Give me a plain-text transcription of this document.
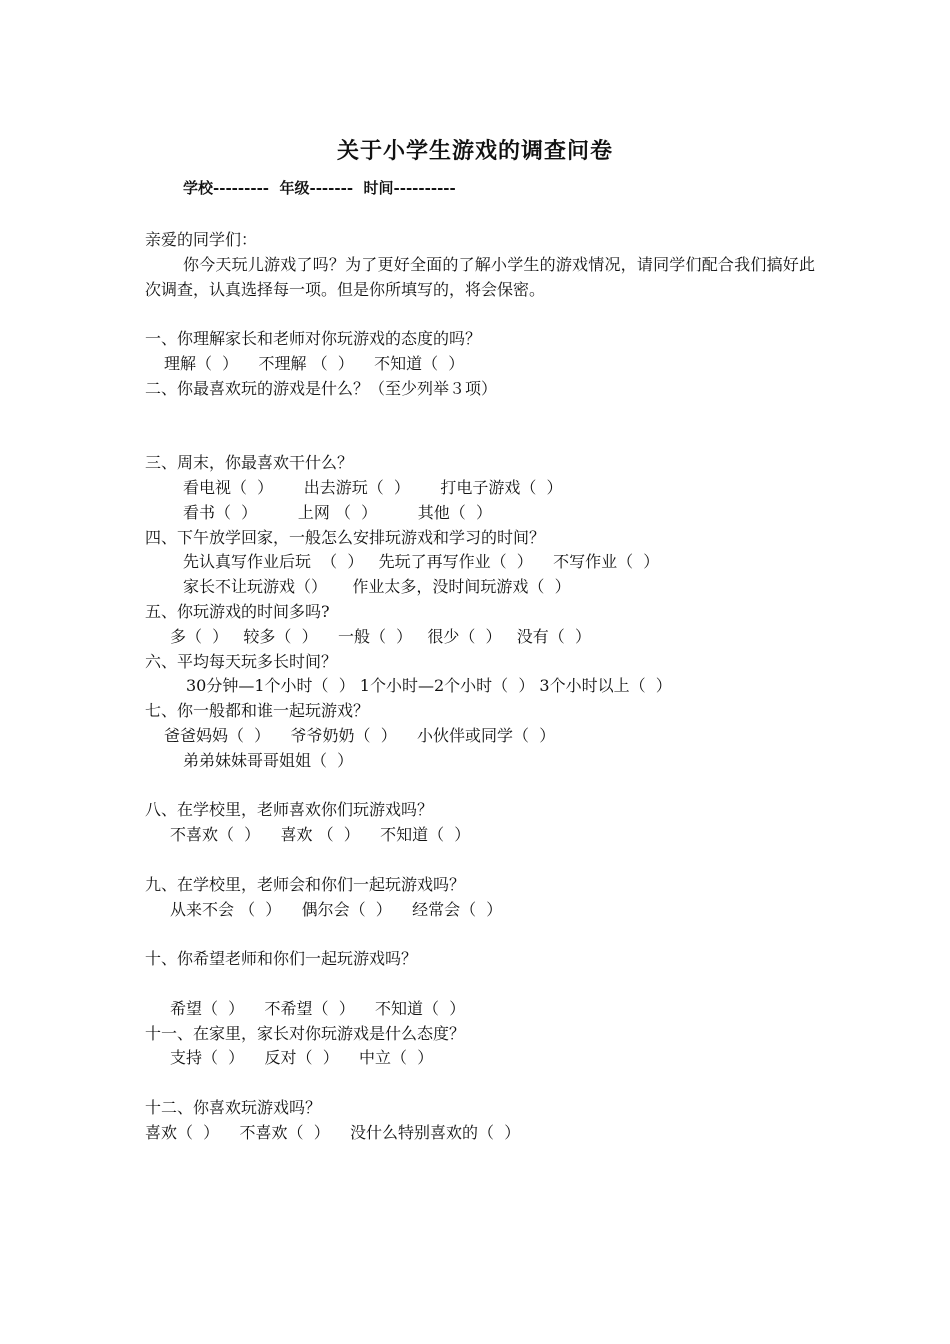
关于小学生游戏的调查问卷
学校---------  年级-------  时间----------
亲爱的同学们：
你今天玩儿游戏了吗？为了更好全面的了解小学生的游戏情况，请同学们配合我们搞好此次调查，认真选择每一项。但是你所填写的，将会保密。
一、你理解家长和老师对你玩游戏的态度的吗？
理解（  ）    不理解 （  ）    不知道（  ）
二、你最喜欢玩的游戏是什么？（至少列举３项）
三、周末，你最喜欢干什么？
看电视（  ）      出去游玩（  ）      打电子游戏（  ）
看书（  ）        上网 （  ）        其他（  ）
四、下午放学回家，一般怎么安排玩游戏和学习的时间？
先认真写作业后玩  （  ）   先玩了再写作业（  ）    不写作业（  ）
家长不让玩游戏（）     作业太多，没时间玩游戏（  ）
五、你玩游戏的时间多吗?
多（  ）   较多（  ）    一般（  ）   很少（  ）   没有（  ）
六、平均每天玩多长时间？
30分钟—1个小时（  ） 1个小时—2个小时（  ） 3个小时以上（  ）
七、你一般都和谁一起玩游戏？
爸爸妈妈（  ）    爷爷奶奶（  ）    小伙伴或同学（  ）
弟弟妹妹哥哥姐姐（  ）
八、在学校里，老师喜欢你们玩游戏吗？
不喜欢（  ）    喜欢 （  ）    不知道（  ）
九、在学校里，老师会和你们一起玩游戏吗？
从来不会 （  ）    偶尔会（  ）    经常会（  ）
十、你希望老师和你们一起玩游戏吗？
希望（  ）    不希望（  ）    不知道（  ）
十一、在家里，家长对你玩游戏是什么态度？
支持（  ）    反对（  ）    中立（  ）
十二、你喜欢玩游戏吗？
喜欢（  ）    不喜欢（  ）    没什么特别喜欢的（  ）
